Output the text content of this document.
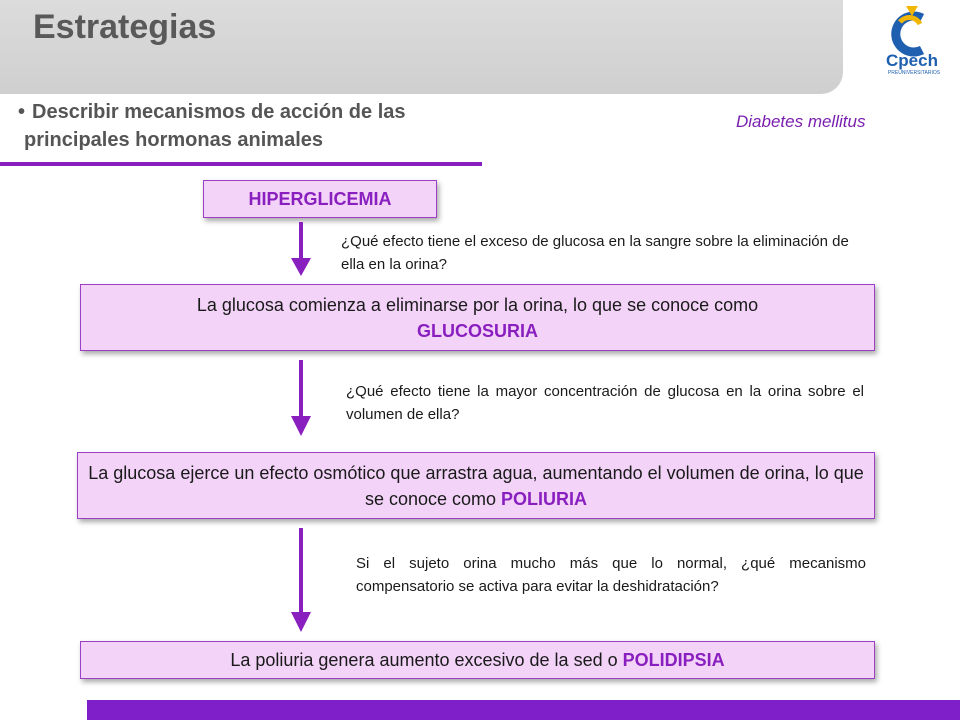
Estrategias
Cpech
PREUNIVERSITARIOS
• Describir mecanismos de acción de las
principales hormonas animales
Diabetes mellitus
HIPERGLICEMIA
¿Qué efecto tiene el exceso de glucosa en la sangre sobre la eliminación de ella en la orina?
La glucosa comienza a eliminarse por la orina, lo que se conoce como
GLUCOSURIA
¿Qué efecto tiene la mayor concentración de glucosa en la orina sobre el volumen de ella?
La glucosa ejerce un efecto osmótico que arrastra agua, aumentando el volumen de orina, lo que se conoce como POLIURIA
Si el sujeto orina mucho más que lo normal, ¿qué mecanismo compensatorio se activa para evitar la deshidratación?
La poliuria genera aumento excesivo de la sed o POLIDIPSIA
